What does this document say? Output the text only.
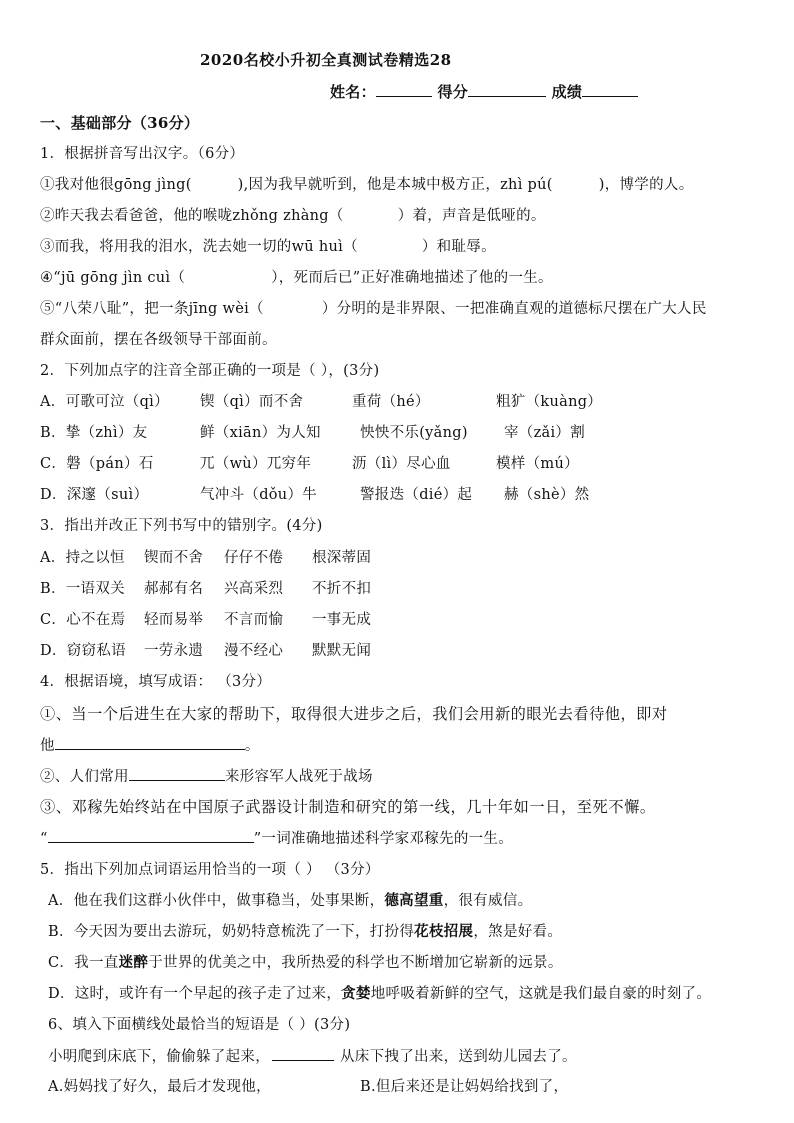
2020名校小升初全真测试卷精选28
姓名：	得分	成绩
一、基础部分（36分）
1．根据拼音写出汉字。（6分）
①我对他很gōng jìng(	),因为我早就听到，他是本城中极方正，zhì pú(	)，博学的人。
②昨天我去看爸爸，他的喉咙zhǒng zhàng（	）着，声音是低哑的。
③而我，将用我的泪水，洗去她一切的wū huì（	）和耻辱。
④“jū gōng jìn cuì（	），死而后已”正好准确地描述了他的一生。
⑤“八荣八耻”，把一条jīng wèi（	）分明的是非界限、一把准确直观的道德标尺摆在广大人民
群众面前，摆在各级领导干部面前。
2．下列加点字的注音全部正确的一项是（ ），(3分)
A．可歌可泣（qì） 锲（qì）而不舍	重荷（hé）	粗犷（kuàng）
B．挚（zhì）友	鲜（xiān）为人知	怏怏不乐(yǎng) 宰（zǎi）割
C．磐（pán）石	兀（wù）兀穷年	沥（lì）尽心血	模样（mú）
D．深邃（suì）	气冲斗（dǒu）牛	警报迭（dié）起 赫（shè）然
3．指出并改正下列书写中的错别字。(4分)
A．持之以恒 锲而不舍 仔仔不倦 根深蒂固
B．一语双关 郝郝有名 兴高采烈 不折不扣
C．心不在焉 轻而易举 不言而愉 一事无成
D．窃窃私语 一劳永遗 漫不经心 默默无闻
4．根据语境，填写成语： （3分）
①、当一个后进生在大家的帮助下，取得很大进步之后，我们会用新的眼光去看待他，即对
他	。
②、人们常用	来形容军人战死于战场
③、邓稼先始终站在中国原子武器设计制造和研究的第一线，几十年如一日，至死不懈。
“	”一词准确地描述科学家邓稼先的一生。
5．指出下列加点词语运用恰当的一项（ ） （3分）
A．他在我们这群小伙伴中，做事稳当，处事果断，德高望重，很有威信。
B．今天因为要出去游玩，奶奶特意梳洗了一下，打扮得花枝招展，煞是好看。
C．我一直迷醉于世界的优美之中，我所热爱的科学也不断增加它崭新的远景。
D．这时，或许有一个早起的孩子走了过来，贪婪地呼吸着新鲜的空气，这就是我们最自豪的时刻了。
6、填入下面横线处最恰当的短语是（ ）(3分)
小明爬到床底下，偷偷躲了起来，	从床下拽了出来，送到幼儿园去了。
A.妈妈找了好久，最后才发现他，	B.但后来还是让妈妈给找到了，
